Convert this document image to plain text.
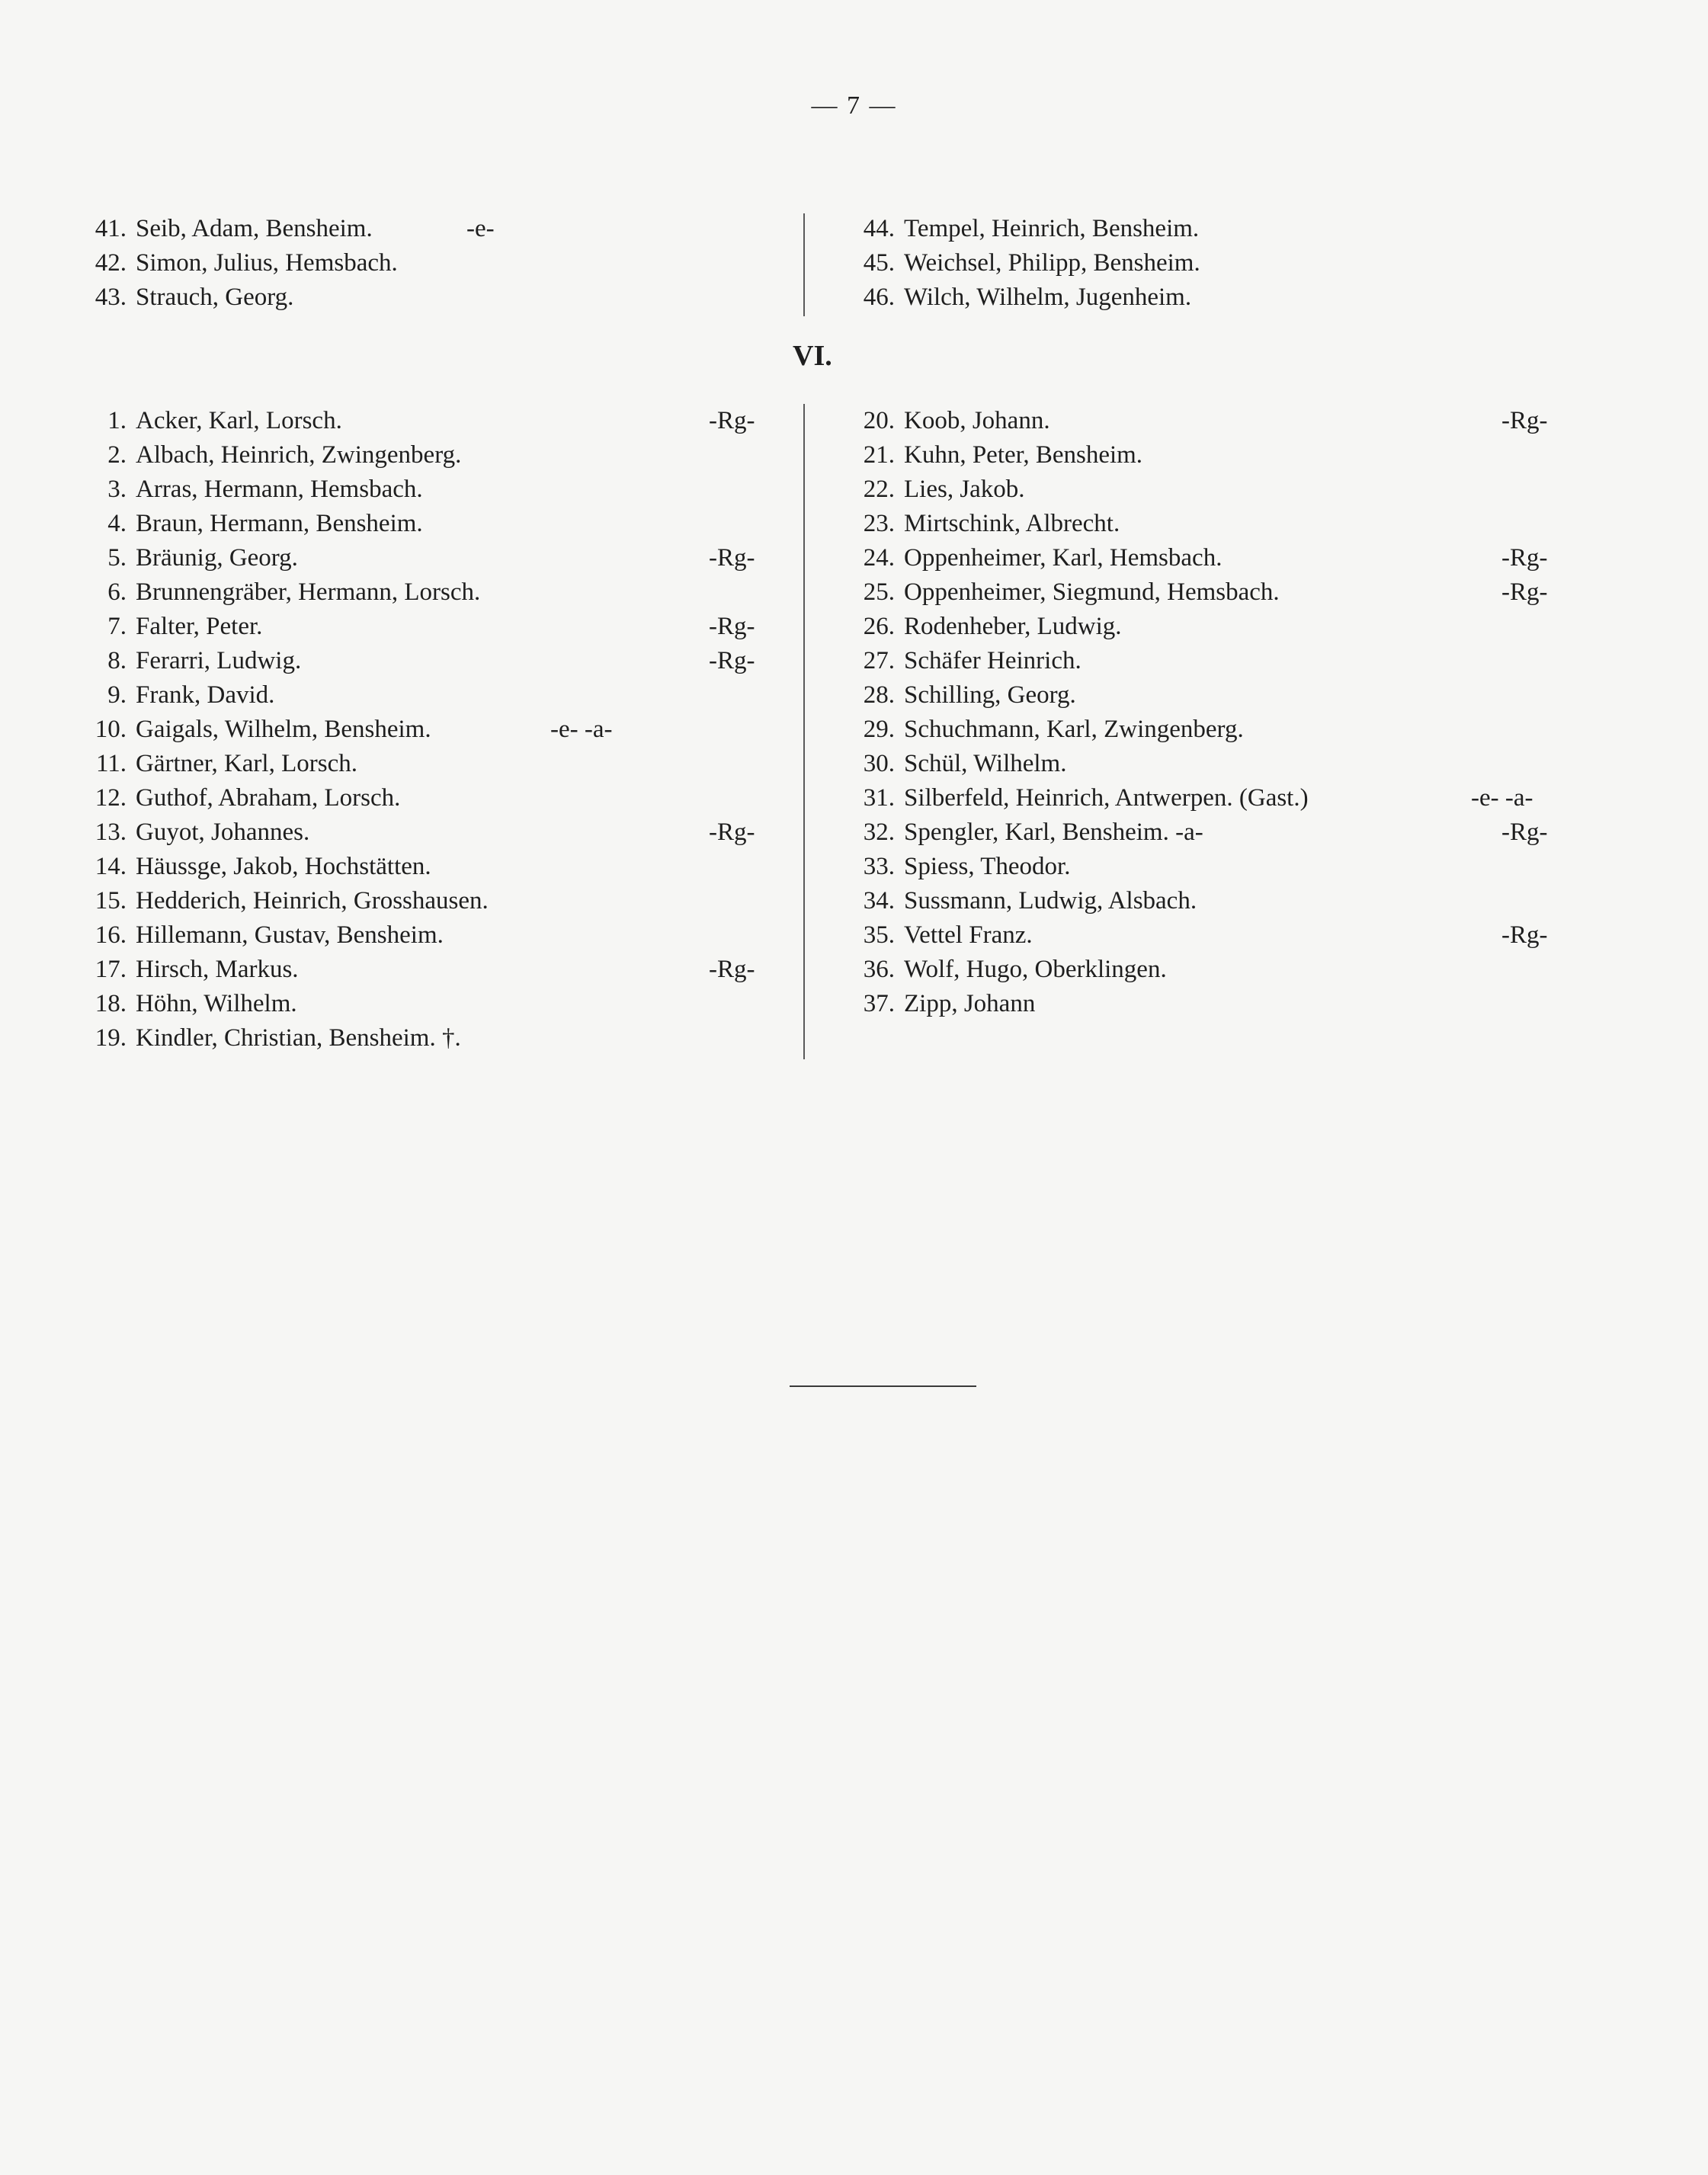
— 7 —
41. Seib, Adam, Bensheim.	-e-
42. Simon, Julius, Hemsbach.
43. Strauch, Georg.
44. Tempel, Heinrich, Bensheim.
45. Weichsel, Philipp, Bensheim.
46. Wilch, Wilhelm, Jugenheim.
VI.
1. Acker, Karl, Lorsch.	-Rg-
2. Albach, Heinrich, Zwingenberg.
3. Arras, Hermann, Hemsbach.
4. Braun, Hermann, Bensheim.
5. Bräunig, Georg.	-Rg-
6. Brunnengräber, Hermann, Lorsch.
7. Falter, Peter.	-Rg-
8. Ferarri, Ludwig.	-Rg-
9. Frank, David.
10. Gaigals, Wilhelm, Bensheim.	-e- -a-
11. Gärtner, Karl, Lorsch.
12. Guthof, Abraham, Lorsch.
13. Guyot, Johannes.	-Rg-
14. Häussge, Jakob, Hochstätten.
15. Hedderich, Heinrich, Grosshausen.
16. Hillemann, Gustav, Bensheim.
17. Hirsch, Markus.	-Rg-
18. Höhn, Wilhelm.
19. Kindler, Christian, Bensheim. †.
20. Koob, Johann.	-Rg-
21. Kuhn, Peter, Bensheim.
22. Lies, Jakob.
23. Mirtschink, Albrecht.
24. Oppenheimer, Karl, Hemsbach.	-Rg-
25. Oppenheimer, Siegmund, Hemsbach.	-Rg-
26. Rodenheber, Ludwig.
27. Schäfer Heinrich.
28. Schilling, Georg.
29. Schuchmann, Karl, Zwingenberg.
30. Schül, Wilhelm.
31. Silberfeld, Heinrich, Antwerpen. (Gast.)	-e- -a-
32. Spengler, Karl, Bensheim. -a-	-Rg-
33. Spiess, Theodor.
34. Sussmann, Ludwig, Alsbach.
35. Vettel Franz.	-Rg-
36. Wolf, Hugo, Oberklingen.
37. Zipp, Johann
